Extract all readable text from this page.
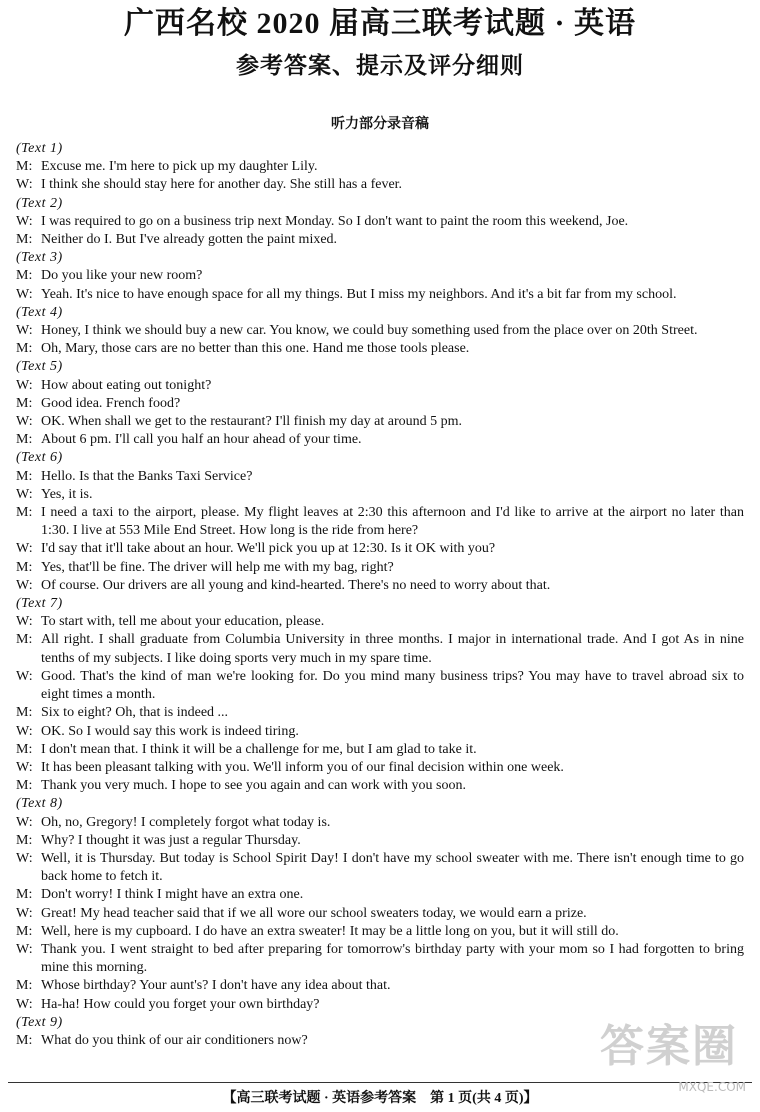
广西名校 2020 届高三联考试题 · 英语
参考答案、提示及评分细则
听力部分录音稿
(Text 1)
M: Excuse me. I'm here to pick up my daughter Lily.
W: I think she should stay here for another day. She still has a fever.
(Text 2)
W: I was required to go on a business trip next Monday. So I don't want to paint the room this weekend, Joe.
M: Neither do I. But I've already gotten the paint mixed.
(Text 3)
M: Do you like your new room?
W: Yeah. It's nice to have enough space for all my things. But I miss my neighbors. And it's a bit far from my school.
(Text 4)
W: Honey, I think we should buy a new car. You know, we could buy something used from the place over on 20th Street.
M: Oh, Mary, those cars are no better than this one. Hand me those tools please.
(Text 5)
W: How about eating out tonight?
M: Good idea. French food?
W: OK. When shall we get to the restaurant? I'll finish my day at around 5 pm.
M: About 6 pm. I'll call you half an hour ahead of your time.
(Text 6)
M: Hello. Is that the Banks Taxi Service?
W: Yes, it is.
M: I need a taxi to the airport, please. My flight leaves at 2:30 this afternoon and I'd like to arrive at the airport no later than 1:30. I live at 553 Mile End Street. How long is the ride from here?
W: I'd say that it'll take about an hour. We'll pick you up at 12:30. Is it OK with you?
M: Yes, that'll be fine. The driver will help me with my bag, right?
W: Of course. Our drivers are all young and kind-hearted. There's no need to worry about that.
(Text 7)
W: To start with, tell me about your education, please.
M: All right. I shall graduate from Columbia University in three months. I major in international trade. And I got As in nine tenths of my subjects. I like doing sports very much in my spare time.
W: Good. That's the kind of man we're looking for. Do you mind many business trips? You may have to travel abroad six to eight times a month.
M: Six to eight? Oh, that is indeed ...
W: OK. So I would say this work is indeed tiring.
M: I don't mean that. I think it will be a challenge for me, but I am glad to take it.
W: It has been pleasant talking with you. We'll inform you of our final decision within one week.
M: Thank you very much. I hope to see you again and can work with you soon.
(Text 8)
W: Oh, no, Gregory! I completely forgot what today is.
M: Why? I thought it was just a regular Thursday.
W: Well, it is Thursday. But today is School Spirit Day! I don't have my school sweater with me. There isn't enough time to go back home to fetch it.
M: Don't worry! I think I might have an extra one.
W: Great! My head teacher said that if we all wore our school sweaters today, we would earn a prize.
M: Well, here is my cupboard. I do have an extra sweater! It may be a little long on you, but it will still do.
W: Thank you. I went straight to bed after preparing for tomorrow's birthday party with your mom so I had forgotten to bring mine this morning.
M: Whose birthday? Your aunt's? I don't have any idea about that.
W: Ha-ha! How could you forget your own birthday?
(Text 9)
M: What do you think of our air conditioners now?
【高三联考试题 · 英语参考答案　第 1 页(共 4 页)】
答案圈
MXQE.COM
